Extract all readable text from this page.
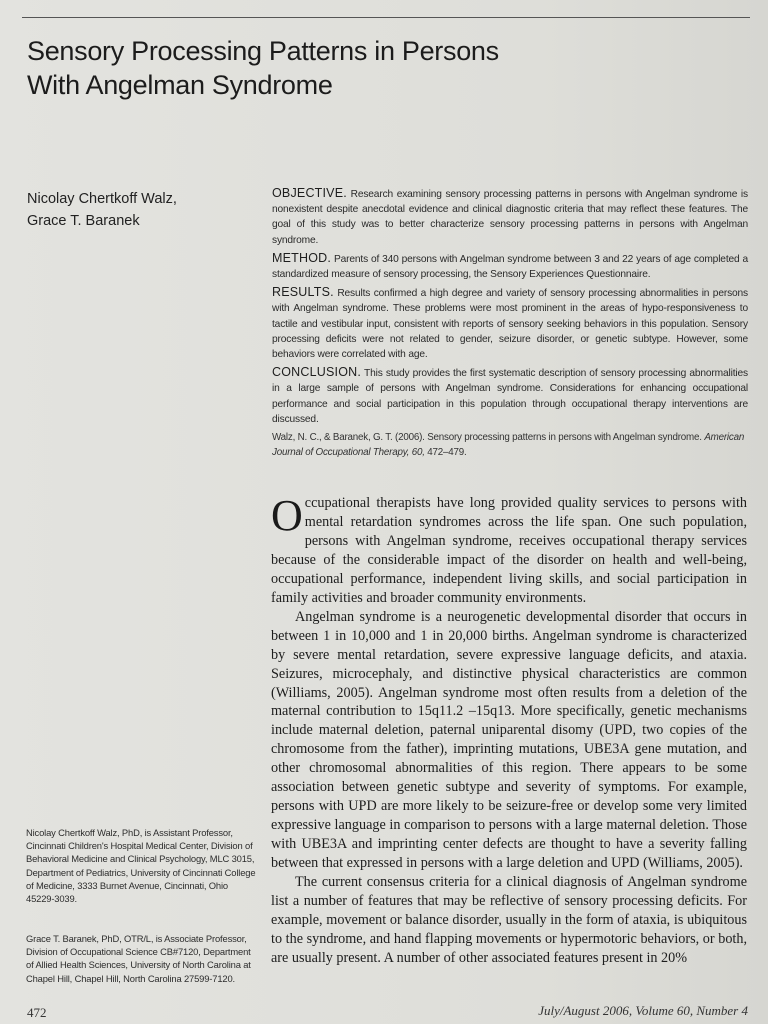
Sensory Processing Patterns in Persons
With Angelman Syndrome
Nicolay Chertkoff Walz,
Grace T. Baranek

OBJECTIVE. Research examining sensory processing patterns in persons with Angelman syndrome is nonexistent despite anecdotal evidence and clinical diagnostic criteria that may reflect these features. The goal of this study was to better characterize sensory processing patterns in persons with Angelman syndrome.

METHOD. Parents of 340 persons with Angelman syndrome between 3 and 22 years of age completed a standardized measure of sensory processing, the Sensory Experiences Questionnaire.

RESULTS. Results confirmed a high degree and variety of sensory processing abnormalities in persons with Angelman syndrome. These problems were most prominent in the areas of hypo-responsiveness to tactile and vestibular input, consistent with reports of sensory seeking behaviors in this population. Sensory processing deficits were not related to gender, seizure disorder, or genetic subtype. However, some behaviors were correlated with age.

CONCLUSION. This study provides the first systematic description of sensory processing abnormalities in a large sample of persons with Angelman syndrome. Considerations for enhancing occupational performance and social participation in this population through occupational therapy interventions are discussed.

Walz, N. C., & Baranek, G. T. (2006). Sensory processing patterns in persons with Angelman syndrome. American Journal of Occupational Therapy, 60, 472–479.

Occupational therapists have long provided quality services to persons with mental retardation syndromes across the life span. One such population, persons with Angelman syndrome, receives occupational therapy services because of the considerable impact of the disorder on health and well-being, occupational performance, independent living skills, and social participation in family activities and broader community environments.

Angelman syndrome is a neurogenetic developmental disorder that occurs in between 1 in 10,000 and 1 in 20,000 births. Angelman syndrome is characterized by severe mental retardation, severe expressive language deficits, and ataxia. Seizures, microcephaly, and distinctive physical characteristics are common (Williams, 2005). Angelman syndrome most often results from a deletion of the maternal contribution to 15q11.2 –15q13. More specifically, genetic mechanisms include maternal deletion, paternal uniparental disomy (UPD, two copies of the chromosome from the father), imprinting mutations, UBE3A gene mutation, and other chromosomal abnormalities of this region. There appears to be some association between genetic subtype and severity of symptoms. For example, persons with UPD are more likely to be seizure-free or develop some very limited expressive language in comparison to persons with a large maternal deletion. Those with UBE3A and imprinting center defects are thought to have a severity falling between that expressed in persons with a large deletion and UPD (Williams, 2005).

The current consensus criteria for a clinical diagnosis of Angelman syndrome list a number of features that may be reflective of sensory processing deficits. For example, movement or balance disorder, usually in the form of ataxia, is ubiquitous to the syndrome, and hand flapping movements or hypermotoric behaviors, or both, are usually present. A number of other associated features present in 20%

Nicolay Chertkoff Walz, PhD, is Assistant Professor, Cincinnati Children's Hospital Medical Center, Division of Behavioral Medicine and Clinical Psychology, MLC 3015, Department of Pediatrics, University of Cincinnati College of Medicine, 3333 Burnet Avenue, Cincinnati, Ohio 45229-3039.
Grace T. Baranek, PhD, OTR/L, is Associate Professor, Division of Occupational Science CB#7120, Department of Allied Health Sciences, University of North Carolina at Chapel Hill, Chapel Hill, North Carolina 27599-7120.
472	July/August 2006, Volume 60, Number 4
